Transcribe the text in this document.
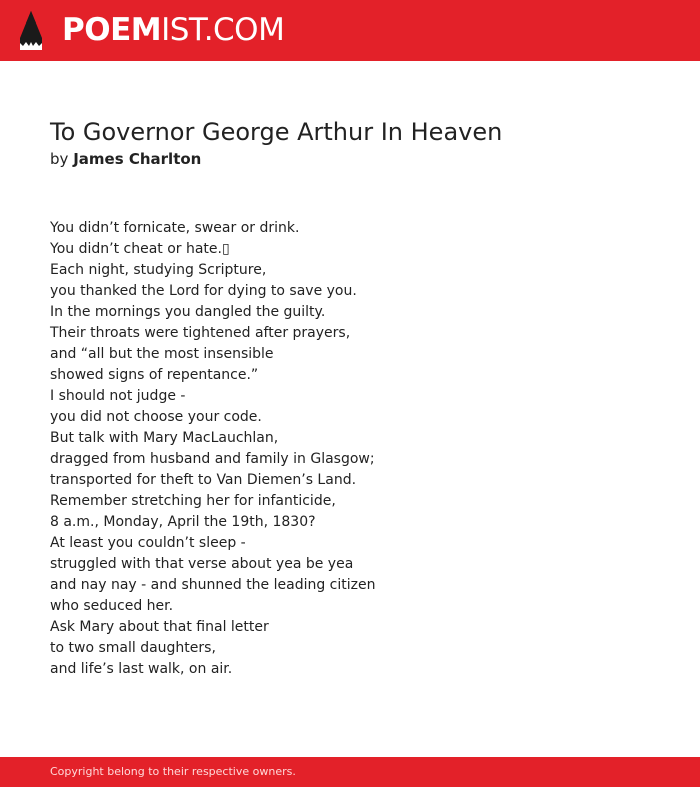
POEMIST.COM
To Governor George Arthur In Heaven
by James Charlton
You didn’t fornicate, swear or drink.
You didn’t cheat or hate.▯
Each night, studying Scripture,
you thanked the Lord for dying to save you.
In the mornings you dangled the guilty.
Their throats were tightened after prayers,
and “all but the most insensible
showed signs of repentance.”
I should not judge -
you did not choose your code.
But talk with Mary MacLauchlan,
dragged from husband and family in Glasgow;
transported for theft to Van Diemen’s Land.
Remember stretching her for infanticide,
8 a.m., Monday, April the 19th, 1830?
At least you couldn’t sleep -
struggled with that verse about yea be yea
and nay nay - and shunned the leading citizen
who seduced her.
Ask Mary about that final letter
to two small daughters,
and life’s last walk, on air.
Copyright belong to their respective owners.
